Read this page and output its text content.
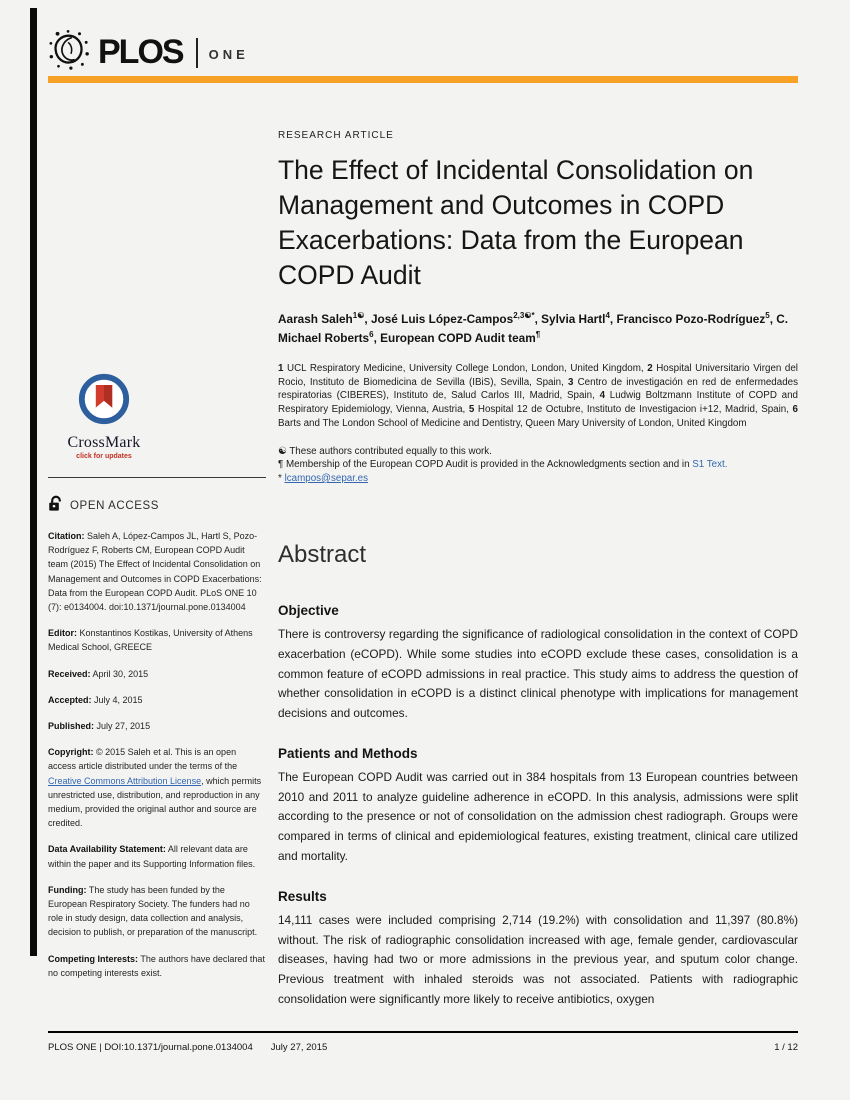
PLOS ONE
RESEARCH ARTICLE
The Effect of Incidental Consolidation on Management and Outcomes in COPD Exacerbations: Data from the European COPD Audit
Aarash Saleh$^{1☯}$, José Luis López-Campos$^{2,3☯*}$, Sylvia Hartl$^4$, Francisco Pozo-Rodríguez$^5$, C. Michael Roberts$^6$, European COPD Audit team¶
1 UCL Respiratory Medicine, University College London, London, United Kingdom, 2 Hospital Universitario Virgen del Rocio, Instituto de Biomedicina de Sevilla (IBiS), Sevilla, Spain, 3 Centro de investigación en red de enfermedades respiratorias (CIBERES), Instituto de, Salud Carlos III, Madrid, Spain, 4 Ludwig Boltzmann Institute of COPD and Respiratory Epidemiology, Vienna, Austria, 5 Hospital 12 de Octubre, Instituto de Investigacion i+12, Madrid, Spain, 6 Barts and The London School of Medicine and Dentistry, Queen Mary University of London, United Kingdom

☯ These authors contributed equally to this work.

¶ Membership of the European COPD Audit is provided in the Acknowledgments section and in S1 Text.

* lcampos@separ.es

Abstract
Objective

There is controversy regarding the significance of radiological consolidation in the context of COPD exacerbation (eCOPD). While some studies into eCOPD exclude these cases, consolidation is a common feature of eCOPD admissions in real practice. This study aims to address the question of whether consolidation in eCOPD is a distinct clinical phenotype with implications for management decisions and outcomes.

Patients and Methods

The European COPD Audit was carried out in 384 hospitals from 13 European countries between 2010 and 2011 to analyze guideline adherence in eCOPD. In this analysis, admissions were split according to the presence or not of consolidation on the admission chest radiograph. Groups were compared in terms of clinical and epidemiological features, existing treatment, clinical care utilized and mortality.

Results

14,111 cases were included comprising 2,714 (19.2%) with consolidation and 11,397 (80.8%) without. The risk of radiographic consolidation increased with age, female gender, cardiovascular diseases, having had two or more admissions in the previous year, and sputum color change. Previous treatment with inhaled steroids was not associated. Patients with radiographic consolidation were significantly more likely to receive antibiotics, oxygen

CrossMark
click for updates
OPEN ACCESS

Citation: Saleh A, López-Campos JL, Hartl S, Pozo-Rodríguez F, Roberts CM, European COPD Audit team (2015) The Effect of Incidental Consolidation on Management and Outcomes in COPD Exacerbations: Data from the European COPD Audit. PLoS ONE 10 (7): e0134004. doi:10.1371/journal.pone.0134004

Editor: Konstantinos Kostikas, University of Athens Medical School, GREECE

Received: April 30, 2015

Accepted: July 4, 2015

Published: July 27, 2015

Copyright: © 2015 Saleh et al. This is an open access article distributed under the terms of the Creative Commons Attribution License, which permits unrestricted use, distribution, and reproduction in any medium, provided the original author and source are credited.

Data Availability Statement: All relevant data are within the paper and its Supporting Information files.

Funding: The study has been funded by the European Respiratory Society. The funders had no role in study design, data collection and analysis, decision to publish, or preparation of the manuscript.

Competing Interests: The authors have declared that no competing interests exist.

PLOS ONE | DOI:10.1371/journal.pone.0134004 July 27, 2015	1 / 12
